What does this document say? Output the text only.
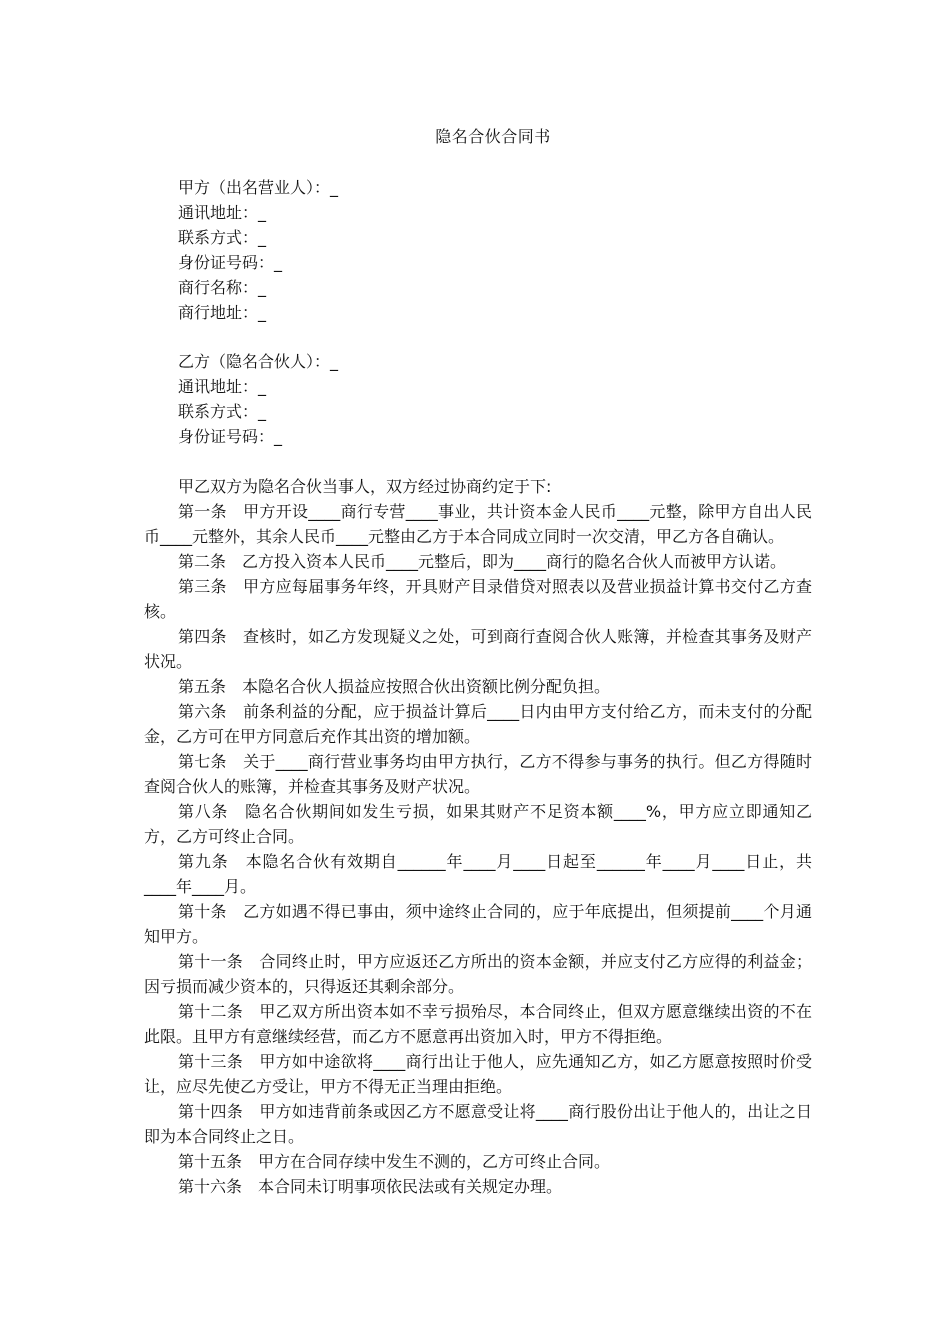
隐名合伙合同书
甲方（出名营业人）：_
通讯地址：_
联系方式：_
身份证号码：_
商行名称：_
商行地址：_
乙方（隐名合伙人）：_
通讯地址：_
联系方式：_
身份证号码：_

甲乙双方为隐名合伙当事人，双方经过协商约定于下:

第一条　甲方开设____商行专营____事业，共计资本金人民币____元整，除甲方自出人民币____元整外，其余人民币____元整由乙方于本合同成立同时一次交清，甲乙方各自确认。

第二条　乙方投入资本人民币____元整后，即为____商行的隐名合伙人而被甲方认诺。

第三条　甲方应每届事务年终，开具财产目录借贷对照表以及营业损益计算书交付乙方查核。

第四条　查核时，如乙方发现疑义之处，可到商行查阅合伙人账簿，并检查其事务及财产状况。

第五条　本隐名合伙人损益应按照合伙出资额比例分配负担。

第六条　前条利益的分配，应于损益计算后____日内由甲方支付给乙方，而未支付的分配金，乙方可在甲方同意后充作其出资的增加额。

第七条　关于____商行营业事务均由甲方执行，乙方不得参与事务的执行。但乙方得随时查阅合伙人的账簿，并检查其事务及财产状况。

第八条　隐名合伙期间如发生亏损，如果其财产不足资本额____%，甲方应立即通知乙方，乙方可终止合同。

第九条　本隐名合伙有效期自______年____月____日起至______年____月____日止，共____年____月。

第十条　乙方如遇不得已事由，须中途终止合同的，应于年底提出，但须提前____个月通知甲方。

第十一条　合同终止时，甲方应返还乙方所出的资本金额，并应支付乙方应得的利益金；因亏损而减少资本的，只得返还其剩余部分。

第十二条　甲乙双方所出资本如不幸亏损殆尽，本合同终止，但双方愿意继续出资的不在此限。且甲方有意继续经营，而乙方不愿意再出资加入时，甲方不得拒绝。

第十三条　甲方如中途欲将____商行出让于他人，应先通知乙方，如乙方愿意按照时价受让，应尽先使乙方受让，甲方不得无正当理由拒绝。

第十四条　甲方如违背前条或因乙方不愿意受让将____商行股份出让于他人的，出让之日即为本合同终止之日。

第十五条　甲方在合同存续中发生不测的，乙方可终止合同。

第十六条　本合同未订明事项依民法或有关规定办理。
